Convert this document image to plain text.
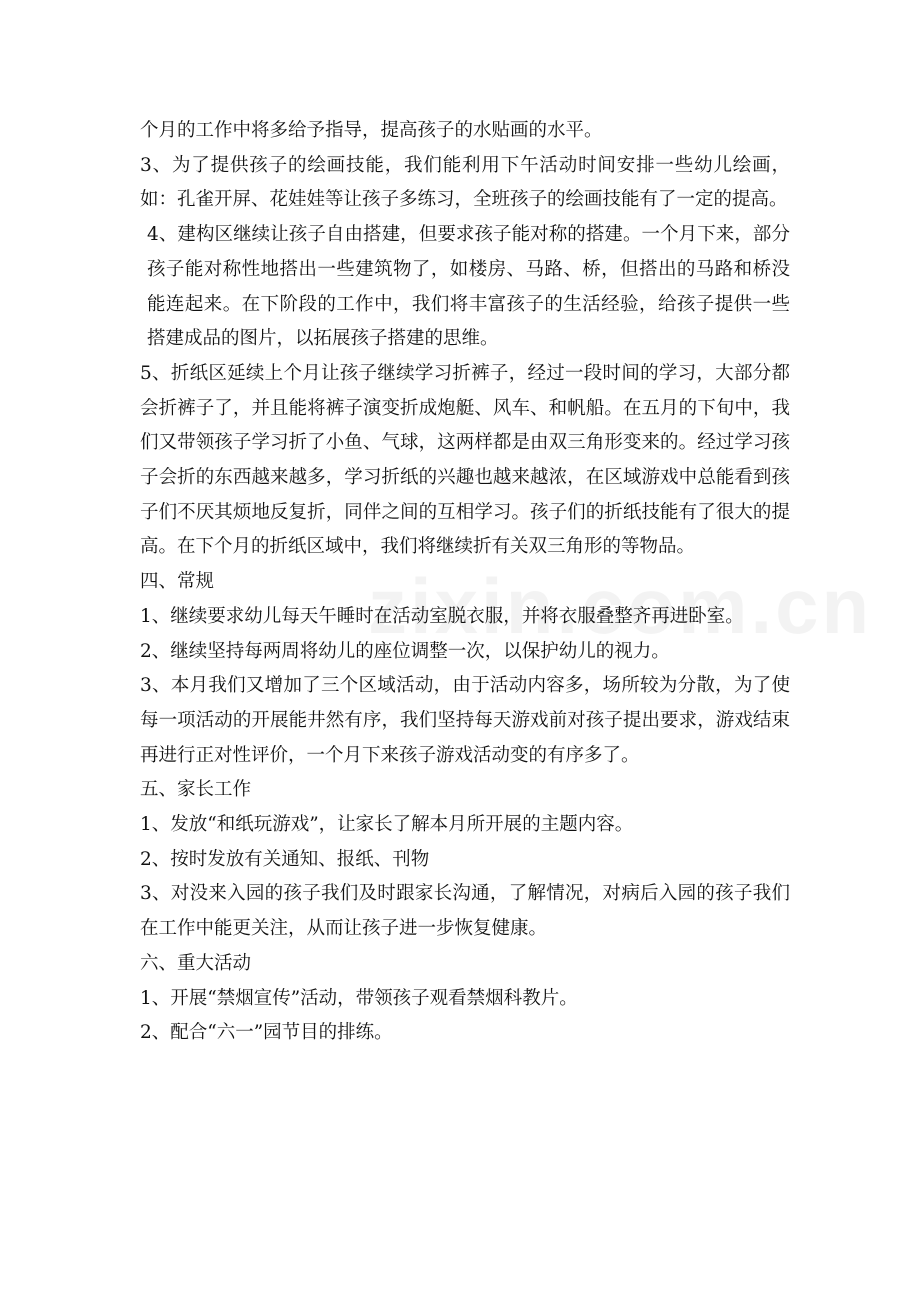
个月的工作中将多给予指导，提高孩子的水贴画的水平。

3、为了提供孩子的绘画技能，我们能利用下午活动时间安排一些幼儿绘画，如：孔雀开屏、花娃娃等让孩子多练习，全班孩子的绘画技能有了一定的提高。

4、建构区继续让孩子自由搭建，但要求孩子能对称的搭建。一个月下来，部分孩子能对称性地搭出一些建筑物了，如楼房、马路、桥，但搭出的马路和桥没能连起来。在下阶段的工作中，我们将丰富孩子的生活经验，给孩子提供一些搭建成品的图片，以拓展孩子搭建的思维。

5、折纸区延续上个月让孩子继续学习折裤子，经过一段时间的学习，大部分都会折裤子了，并且能将裤子演变折成炮艇、风车、和帆船。在五月的下旬中，我们又带领孩子学习折了小鱼、气球，这两样都是由双三角形变来的。经过学习孩子会折的东西越来越多，学习折纸的兴趣也越来越浓，在区域游戏中总能看到孩子们不厌其烦地反复折，同伴之间的互相学习。孩子们的折纸技能有了很大的提高。在下个月的折纸区域中，我们将继续折有关双三角形的等物品。

四、常规

1、继续要求幼儿每天午睡时在活动室脱衣服，并将衣服叠整齐再进卧室。

2、继续坚持每两周将幼儿的座位调整一次，以保护幼儿的视力。

3、本月我们又增加了三个区域活动，由于活动内容多，场所较为分散，为了使每一项活动的开展能井然有序，我们坚持每天游戏前对孩子提出要求，游戏结束再进行正对性评价，一个月下来孩子游戏活动变的有序多了。

五、家长工作

1、发放“和纸玩游戏”，让家长了解本月所开展的主题内容。

2、按时发放有关通知、报纸、刊物

3、对没来入园的孩子我们及时跟家长沟通，了解情况，对病后入园的孩子我们在工作中能更关注，从而让孩子进一步恢复健康。

六、重大活动

1、开展“禁烟宣传”活动，带领孩子观看禁烟科教片。

2、配合“六一”园节目的排练。
